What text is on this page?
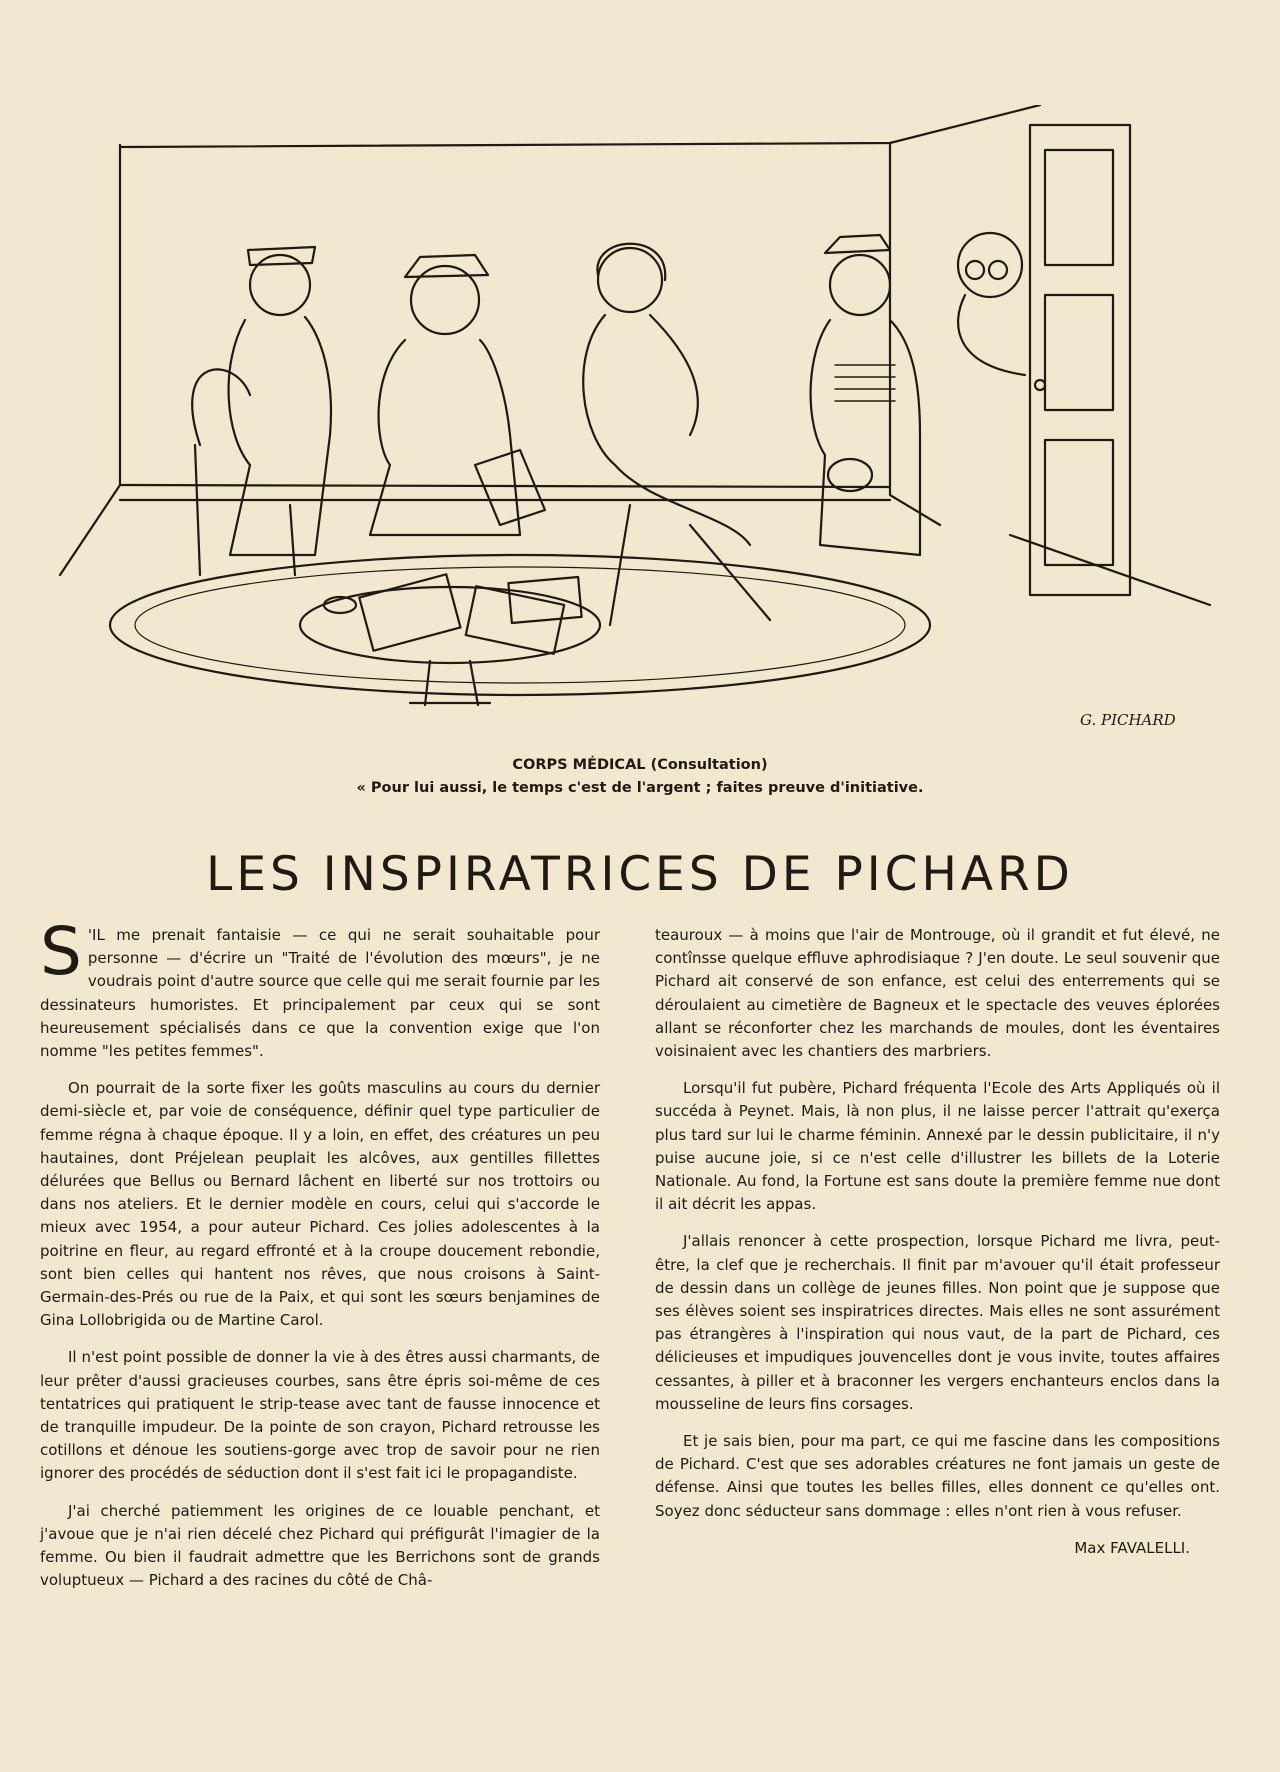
G. PICHARD
CORPS MÉDICAL (Consultation)
« Pour lui aussi, le temps c'est de l'argent ; faites preuve d'initiative.
LES INSPIRATRICES DE PICHARD

S 'IL me prenait fantaisie — ce qui ne serait souhaitable pour personne — d'écrire un "Traité de l'évolution des mœurs", je ne voudrais point d'autre source que celle qui me serait fournie par les dessinateurs humoristes. Et principalement par ceux qui se sont heureusement spécialisés dans ce que la convention exige que l'on nomme "les petites femmes".

On pourrait de la sorte fixer les goûts masculins au cours du dernier demi-siècle et, par voie de conséquence, définir quel type particulier de femme régna à chaque époque. Il y a loin, en effet, des créatures un peu hautaines, dont Préjelean peuplait les alcôves, aux gentilles fillettes délurées que Bellus ou Bernard lâchent en liberté sur nos trottoirs ou dans nos ateliers. Et le dernier modèle en cours, celui qui s'accorde le mieux avec 1954, a pour auteur Pichard. Ces jolies adolescentes à la poitrine en fleur, au regard effronté et à la croupe doucement rebondie, sont bien celles qui hantent nos rêves, que nous croisons à Saint-Germain-des-Prés ou rue de la Paix, et qui sont les sœurs benjamines de Gina Lollobrigida ou de Martine Carol.

Il n'est point possible de donner la vie à des êtres aussi charmants, de leur prêter d'aussi gracieuses courbes, sans être épris soi-même de ces tentatrices qui pratiquent le strip-tease avec tant de fausse innocence et de tranquille impudeur. De la pointe de son crayon, Pichard retrousse les cotillons et dénoue les soutiens-gorge avec trop de savoir pour ne rien ignorer des procédés de séduction dont il s'est fait ici le propagandiste.

J'ai cherché patiemment les origines de ce louable penchant, et j'avoue que je n'ai rien décelé chez Pichard qui préfigurât l'imagier de la femme. Ou bien il faudrait admettre que les Berrichons sont de grands voluptueux — Pichard a des racines du côté de Châ-

teauroux — à moins que l'air de Montrouge, où il grandit et fut élevé, ne contînsse quelque effluve aphrodisiaque ? J'en doute. Le seul souvenir que Pichard ait conservé de son enfance, est celui des enterrements qui se déroulaient au cimetière de Bagneux et le spectacle des veuves éplorées allant se réconforter chez les marchands de moules, dont les éventaires voisinaient avec les chantiers des marbriers.

Lorsqu'il fut pubère, Pichard fréquenta l'Ecole des Arts Appliqués où il succéda à Peynet. Mais, là non plus, il ne laisse percer l'attrait qu'exerça plus tard sur lui le charme féminin. Annexé par le dessin publicitaire, il n'y puise aucune joie, si ce n'est celle d'illustrer les billets de la Loterie Nationale. Au fond, la Fortune est sans doute la première femme nue dont il ait décrit les appas.

J'allais renoncer à cette prospection, lorsque Pichard me livra, peut-être, la clef que je recherchais. Il finit par m'avouer qu'il était professeur de dessin dans un collège de jeunes filles. Non point que je suppose que ses élèves soient ses inspiratrices directes. Mais elles ne sont assurément pas étrangères à l'inspiration qui nous vaut, de la part de Pichard, ces délicieuses et impudiques jouvencelles dont je vous invite, toutes affaires cessantes, à piller et à braconner les vergers enchanteurs enclos dans la mousseline de leurs fins corsages.

Et je sais bien, pour ma part, ce qui me fascine dans les compositions de Pichard. C'est que ses adorables créatures ne font jamais un geste de défense. Ainsi que toutes les belles filles, elles donnent ce qu'elles ont. Soyez donc séducteur sans dommage : elles n'ont rien à vous refuser.

Max FAVALELLI.
